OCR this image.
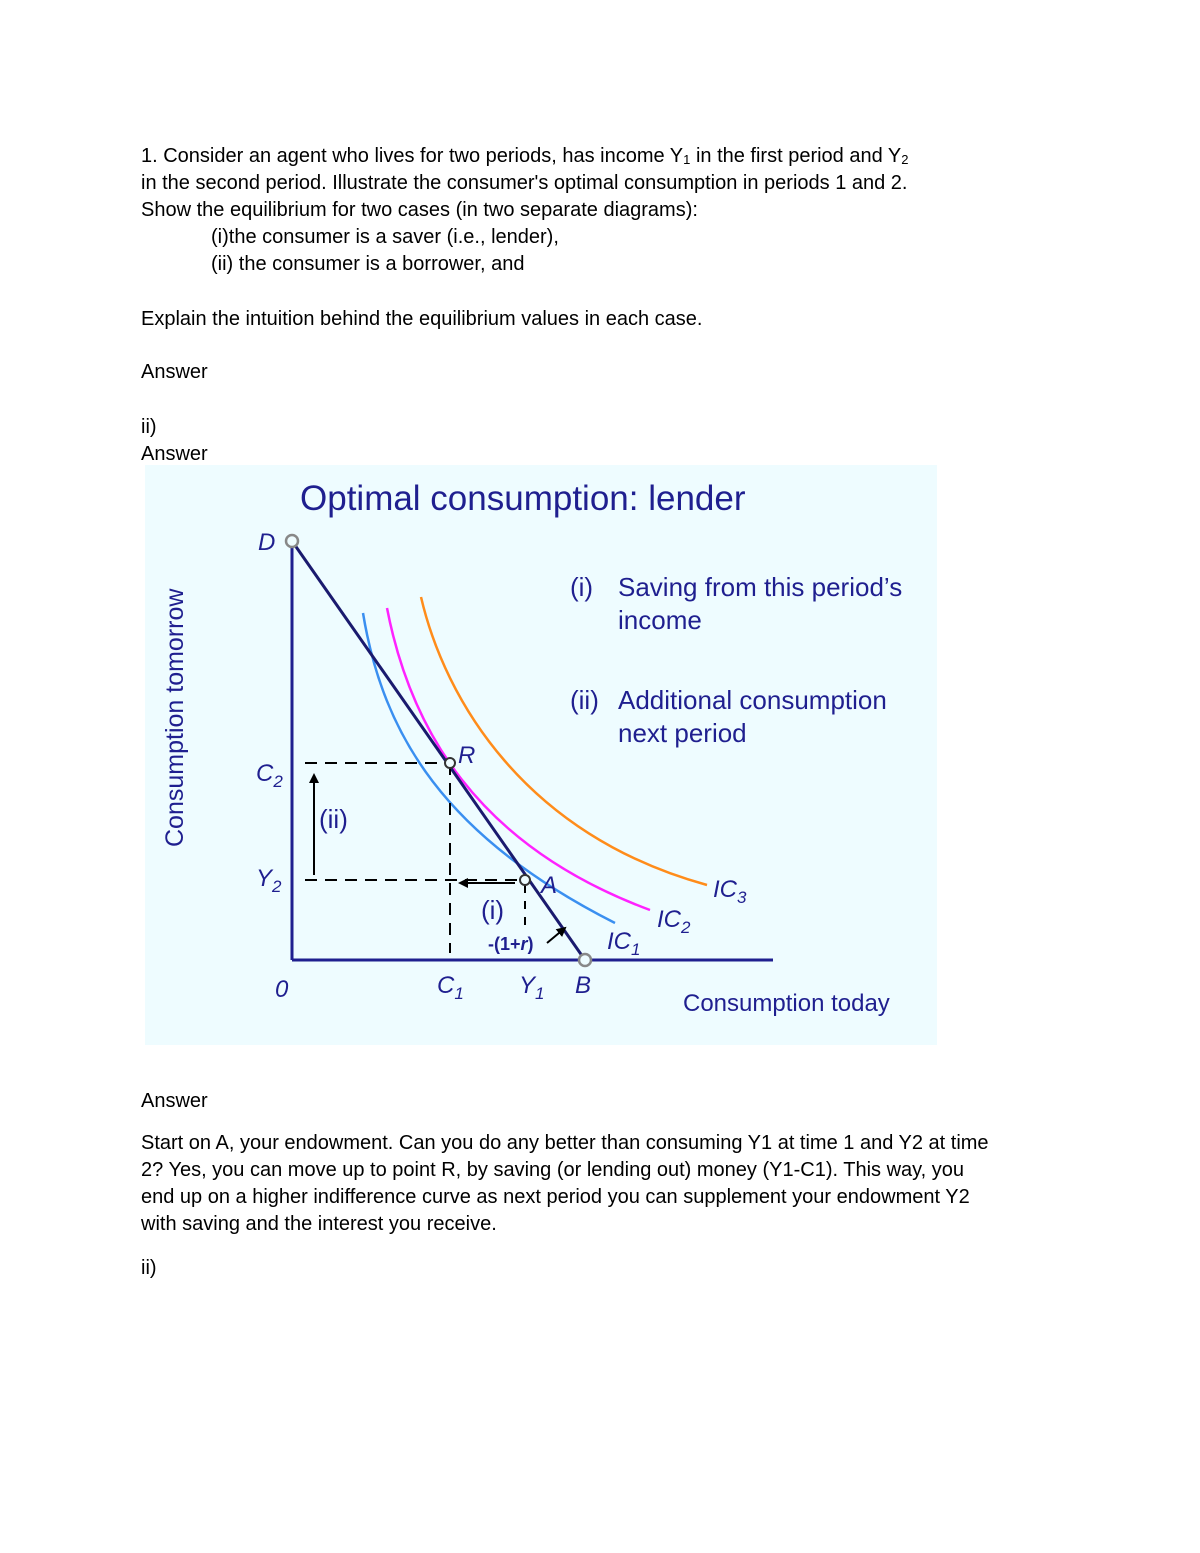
1. Consider an agent who lives for two periods, has income $Y_1$ in the first period and $Y_2$

in the second period. Illustrate the consumer's optimal consumption in periods 1 and 2.

Show the equilibrium for two cases (in two separate diagrams):

(i)the consumer is a saver (i.e., lender),

(ii) the consumer is a borrower, and

Explain the intuition behind the equilibrium values in each case.

Answer

ii)

Answer

Optimal consumption: lender
Consumption tomorrow
D
R
A
B
0
$C_2$
$Y_2$
$C_1$ $Y_1$	Consumption today
$IC_1$
$IC_2$
$IC_3$
(ii)
(i)
-(1+r)
(i) Saving from this period’s
income
(ii) Additional consumption
next period

Answer

Start on A, your endowment. Can you do any better than consuming Y1 at time 1 and Y2 at time

2? Yes, you can move up to point R, by saving (or lending out) money (Y1-C1). This way, you

end up on a higher indifference curve as next period you can supplement your endowment Y2

with saving and the interest you receive.

ii)
